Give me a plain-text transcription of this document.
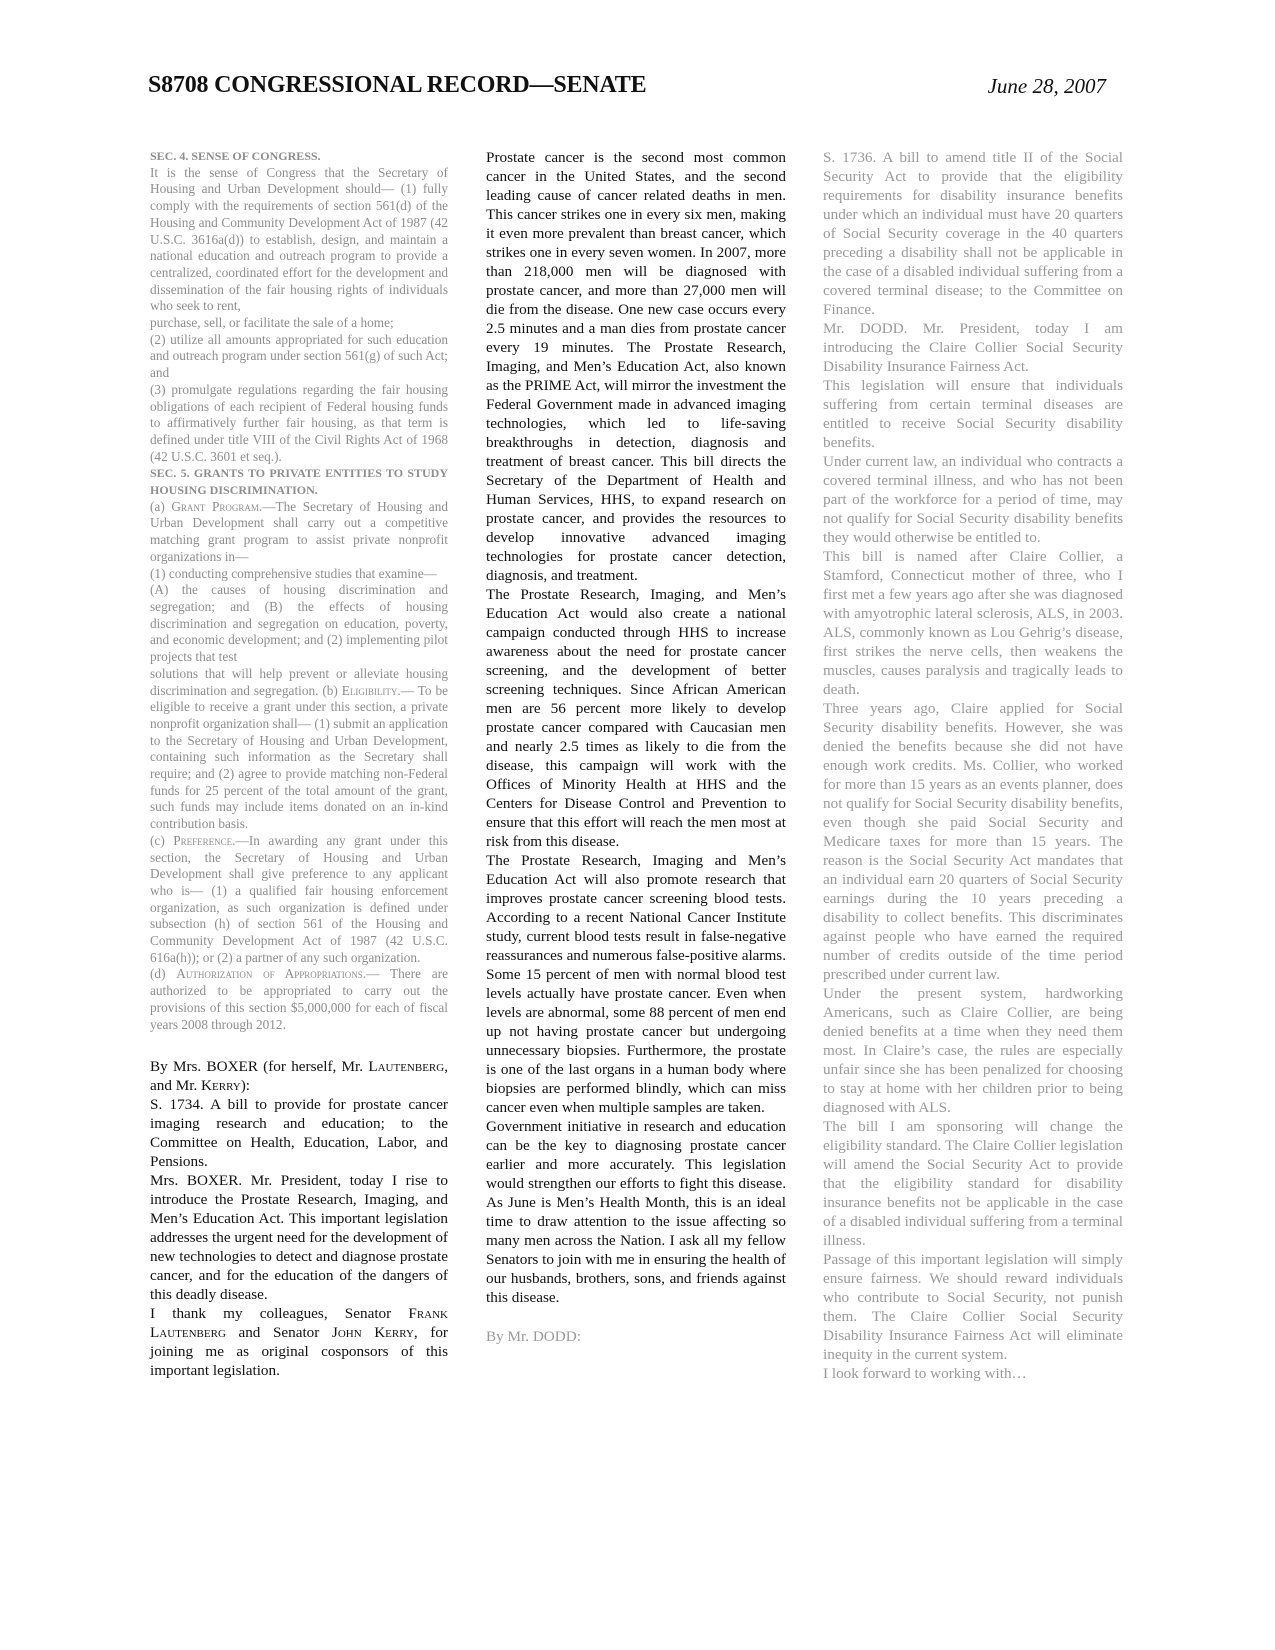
S8708 CONGRESSIONAL RECORD—SENATE	June 28, 2007

SEC. 4. SENSE OF CONGRESS.

It is the sense of Congress that the Secretary of Housing and Urban Development should— (1) fully comply with the requirements of section 561(d) of the Housing and Community Development Act of 1987 (42 U.S.C. 3616a(d)) to establish, design, and maintain a national education and outreach program to provide a centralized, coordinated effort for the development and dissemination of the fair housing rights of individuals who seek to rent,

purchase, sell, or facilitate the sale of a home;

(2) utilize all amounts appropriated for such education and outreach program under section 561(g) of such Act; and

(3) promulgate regulations regarding the fair housing obligations of each recipient of Federal housing funds to affirmatively further fair housing, as that term is defined under title VIII of the Civil Rights Act of 1968 (42 U.S.C. 3601 et seq.).

SEC. 5. GRANTS TO PRIVATE ENTITIES TO STUDY HOUSING DISCRIMINATION.

(a) Grant Program.—The Secretary of Housing and Urban Development shall carry out a competitive matching grant program to assist private nonprofit organizations in—

(1) conducting comprehensive studies that examine—

(A) the causes of housing discrimination and segregation; and (B) the effects of housing discrimination and segregation on education, poverty, and economic development; and (2) implementing pilot projects that test

solutions that will help prevent or alleviate housing discrimination and segregation. (b) Eligibility.— To be eligible to receive a grant under this section, a private nonprofit organization shall— (1) submit an application to the Secretary of Housing and Urban Development, containing such information as the Secretary shall require; and (2) agree to provide matching non-Federal funds for 25 percent of the total amount of the grant, such funds may include items donated on an in-kind contribution basis.

(c) Preference.—In awarding any grant under this section, the Secretary of Housing and Urban Development shall give preference to any applicant who is— (1) a qualified fair housing enforcement organization, as such organization is defined under subsection (h) of section 561 of the Housing and Community Development Act of 1987 (42 U.S.C. 616a(h)); or (2) a partner of any such organization.

(d) Authorization of Appropriations.— There are authorized to be appropriated to carry out the provisions of this section $5,000,000 for each of fiscal years 2008 through 2012.

By Mrs. BOXER (for herself, Mr. Lautenberg, and Mr. Kerry):

S. 1734. A bill to provide for prostate cancer imaging research and education; to the Committee on Health, Education, Labor, and Pensions.

Mrs. BOXER. Mr. President, today I rise to introduce the Prostate Research, Imaging, and Men’s Education Act. This important legislation addresses the urgent need for the development of new technologies to detect and diagnose prostate cancer, and for the education of the dangers of this deadly disease.

I thank my colleagues, Senator Frank Lautenberg and Senator John Kerry, for joining me as original cosponsors of this important legislation.

Prostate cancer is the second most common cancer in the United States, and the second leading cause of cancer related deaths in men. This cancer strikes one in every six men, making it even more prevalent than breast cancer, which strikes one in every seven women. In 2007, more than 218,000 men will be diagnosed with prostate cancer, and more than 27,000 men will die from the disease. One new case occurs every 2.5 minutes and a man dies from prostate cancer every 19 minutes. The Prostate Research, Imaging, and Men’s Education Act, also known as the PRIME Act, will mirror the investment the Federal Government made in advanced imaging technologies, which led to life-saving breakthroughs in detection, diagnosis and treatment of breast cancer. This bill directs the Secretary of the Department of Health and Human Services, HHS, to expand research on prostate cancer, and provides the resources to develop innovative advanced imaging technologies for prostate cancer detection, diagnosis, and treatment.

The Prostate Research, Imaging, and Men’s Education Act would also create a national campaign conducted through HHS to increase awareness about the need for prostate cancer screening, and the development of better screening techniques. Since African American men are 56 percent more likely to develop prostate cancer compared with Caucasian men and nearly 2.5 times as likely to die from the disease, this campaign will work with the Offices of Minority Health at HHS and the Centers for Disease Control and Prevention to ensure that this effort will reach the men most at risk from this disease.

The Prostate Research, Imaging and Men’s Education Act will also promote research that improves prostate cancer screening blood tests. According to a recent National Cancer Institute study, current blood tests result in false-negative reassurances and numerous false-positive alarms. Some 15 percent of men with normal blood test levels actually have prostate cancer. Even when levels are abnormal, some 88 percent of men end up not having prostate cancer but undergoing unnecessary biopsies. Furthermore, the prostate is one of the last organs in a human body where biopsies are performed blindly, which can miss cancer even when multiple samples are taken.

Government initiative in research and education can be the key to diagnosing prostate cancer earlier and more accurately. This legislation would strengthen our efforts to fight this disease. As June is Men’s Health Month, this is an ideal time to draw attention to the issue affecting so many men across the Nation. I ask all my fellow Senators to join with me in ensuring the health of our husbands, brothers, sons, and friends against this disease.

By Mr. DODD:

S. 1736. A bill to amend title II of the Social Security Act to provide that the eligibility requirements for disability insurance benefits under which an individual must have 20 quarters of Social Security coverage in the 40 quarters preceding a disability shall not be applicable in the case of a disabled individual suffering from a covered terminal disease; to the Committee on Finance.

Mr. DODD. Mr. President, today I am introducing the Claire Collier Social Security Disability Insurance Fairness Act.

This legislation will ensure that individuals suffering from certain terminal diseases are entitled to receive Social Security disability benefits.

Under current law, an individual who contracts a covered terminal illness, and who has not been part of the workforce for a period of time, may not qualify for Social Security disability benefits they would otherwise be entitled to.

This bill is named after Claire Collier, a Stamford, Connecticut mother of three, who I first met a few years ago after she was diagnosed with amyotrophic lateral sclerosis, ALS, in 2003. ALS, commonly known as Lou Gehrig’s disease, first strikes the nerve cells, then weakens the muscles, causes paralysis and tragically leads to death.

Three years ago, Claire applied for Social Security disability benefits. However, she was denied the benefits because she did not have enough work credits. Ms. Collier, who worked for more than 15 years as an events planner, does not qualify for Social Security disability benefits, even though she paid Social Security and Medicare taxes for more than 15 years. The reason is the Social Security Act mandates that an individual earn 20 quarters of Social Security earnings during the 10 years preceding a disability to collect benefits. This discriminates against people who have earned the required number of credits outside of the time period prescribed under current law.

Under the present system, hardworking Americans, such as Claire Collier, are being denied benefits at a time when they need them most. In Claire’s case, the rules are especially unfair since she has been penalized for choosing to stay at home with her children prior to being diagnosed with ALS.

The bill I am sponsoring will change the eligibility standard. The Claire Collier legislation will amend the Social Security Act to provide that the eligibility standard for disability insurance benefits not be applicable in the case of a disabled individual suffering from a terminal illness.

Passage of this important legislation will simply ensure fairness. We should reward individuals who contribute to Social Security, not punish them. The Claire Collier Social Security Disability Insurance Fairness Act will eliminate inequity in the current system.

I look forward to working with…
